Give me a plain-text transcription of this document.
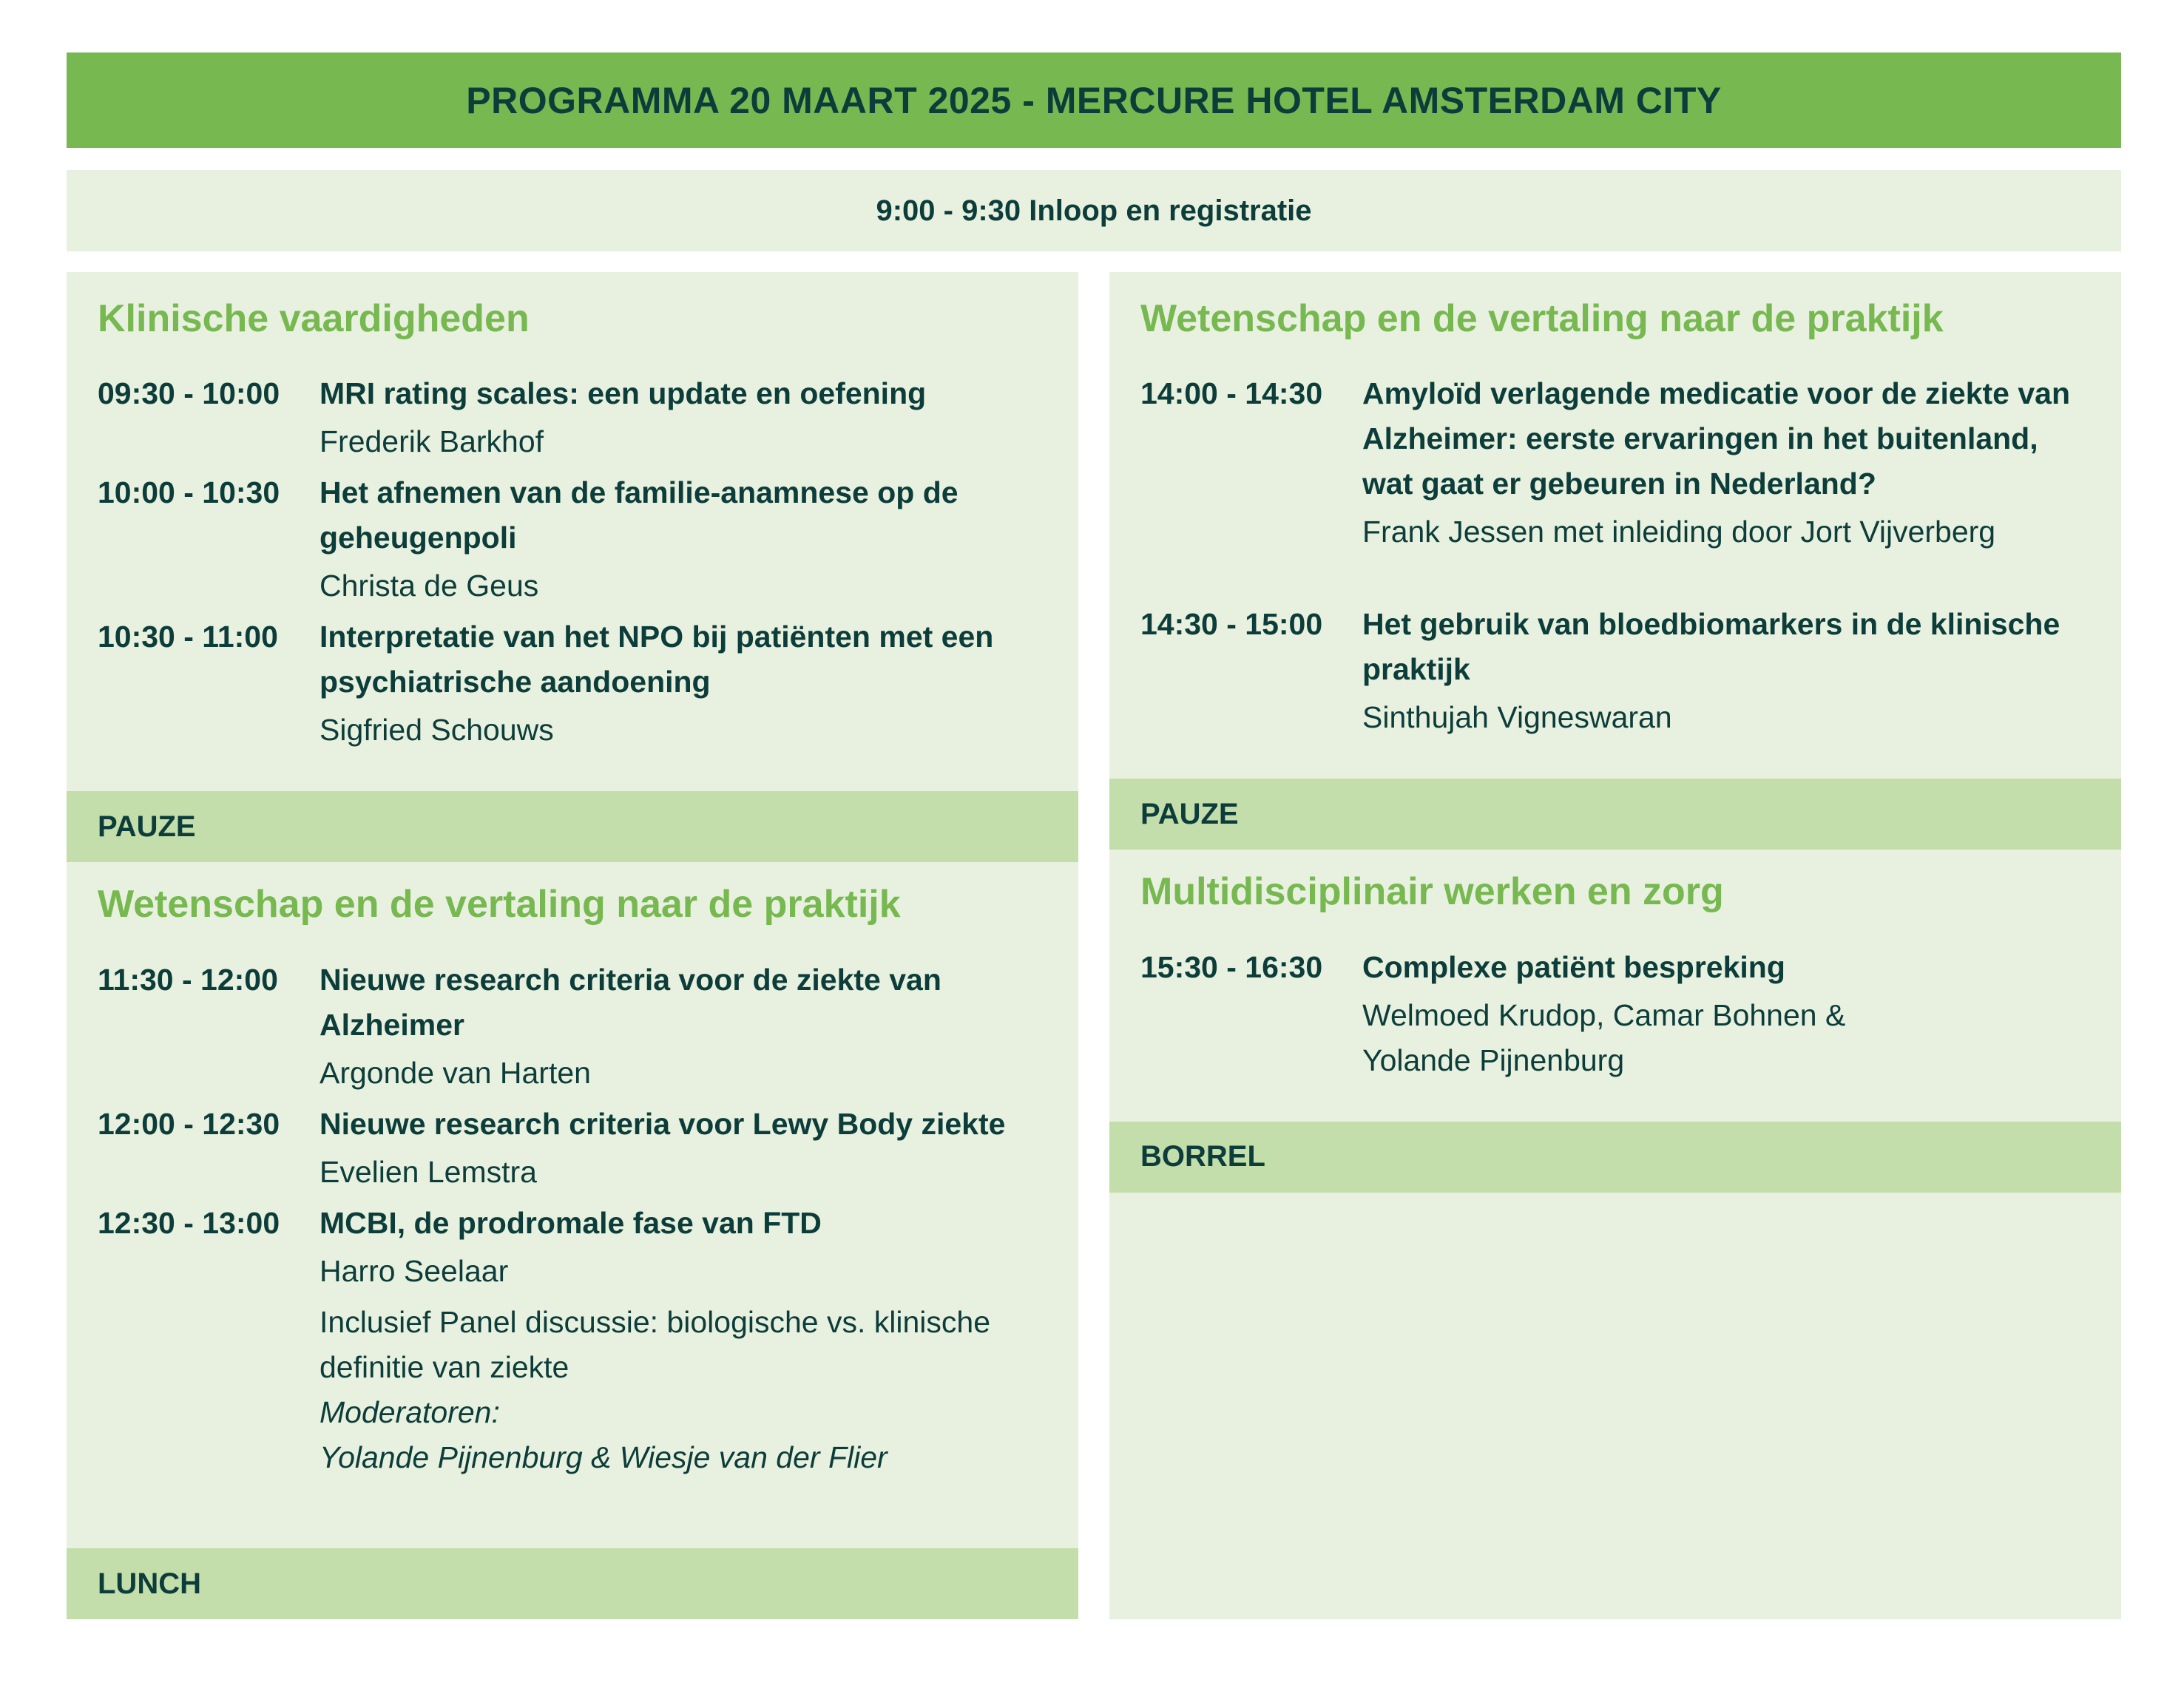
PROGRAMMA 20 MAART 2025 - MERCURE HOTEL AMSTERDAM CITY
9:00 - 9:30 Inloop en registratie
Klinische vaardigheden
09:30 - 10:00	MRI rating scales: een update en oefening
Frederik Barkhof
10:00 - 10:30	Het afnemen van de familie-anamnese op de geheugenpoli
Christa de Geus
10:30 - 11:00	Interpretatie van het NPO bij patiënten met een psychiatrische aandoening
Sigfried Schouws
PAUZE
Wetenschap en de vertaling naar de praktijk
11:30 - 12:00	Nieuwe research criteria voor de ziekte van Alzheimer
Argonde van Harten
12:00 - 12:30	Nieuwe research criteria voor Lewy Body ziekte
Evelien Lemstra
12:30 - 13:00	MCBI, de prodromale fase van FTD
Harro Seelaar
Inclusief Panel discussie: biologische vs. klinische definitie van ziekte
Moderatoren:
Yolande Pijnenburg & Wiesje van der Flier
LUNCH
Wetenschap en de vertaling naar de praktijk
14:00 - 14:30	Amyloïd verlagende medicatie voor de ziekte van Alzheimer: eerste ervaringen in het buitenland, wat gaat er gebeuren in Nederland?
Frank Jessen met inleiding door Jort Vijverberg
14:30 - 15:00	Het gebruik van bloedbiomarkers in de klinische praktijk
Sinthujah Vigneswaran
PAUZE
Multidisciplinair werken en zorg
15:30 - 16:30	Complexe patiënt bespreking
Welmoed Krudop, Camar Bohnen & Yolande Pijnenburg
BORREL
